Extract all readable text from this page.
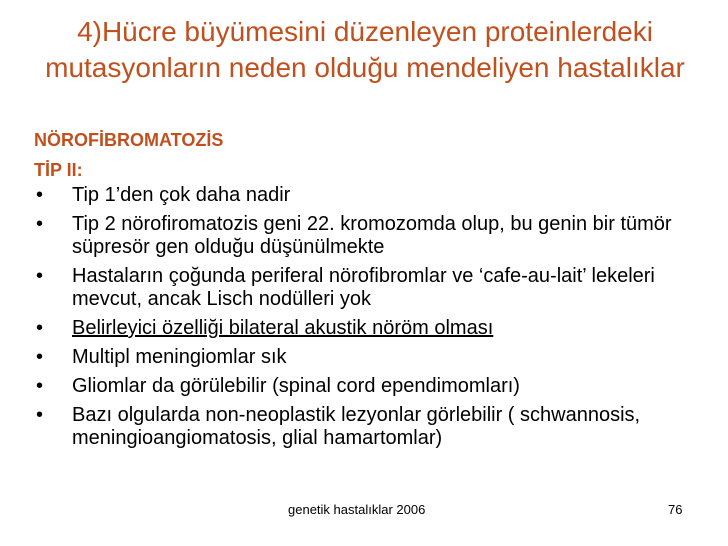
4)Hücre büyümesini düzenleyen proteinlerdeki mutasyonların neden olduğu mendeliyen hastalıklar
NÖROFİBROMATOZİS
TİP II:
• Tip 1’den çok daha nadir
• Tip 2 nörofiromatozis geni 22. kromozomda olup, bu genin bir tümör süpresör gen olduğu düşünülmekte
• Hastaların çoğunda periferal nörofibromlar ve ‘cafe-au-lait’ lekeleri mevcut, ancak Lisch nodülleri yok
• Belirleyici özelliği bilateral akustik nöröm olması
• Multipl meningiomlar sık
• Gliomlar da görülebilir (spinal cord ependimomları)
• Bazı olgularda non-neoplastik lezyonlar görlebilir ( schwannosis, meningioangiomatosis, glial hamartomlar)
genetik hastalıklar 2006	76
